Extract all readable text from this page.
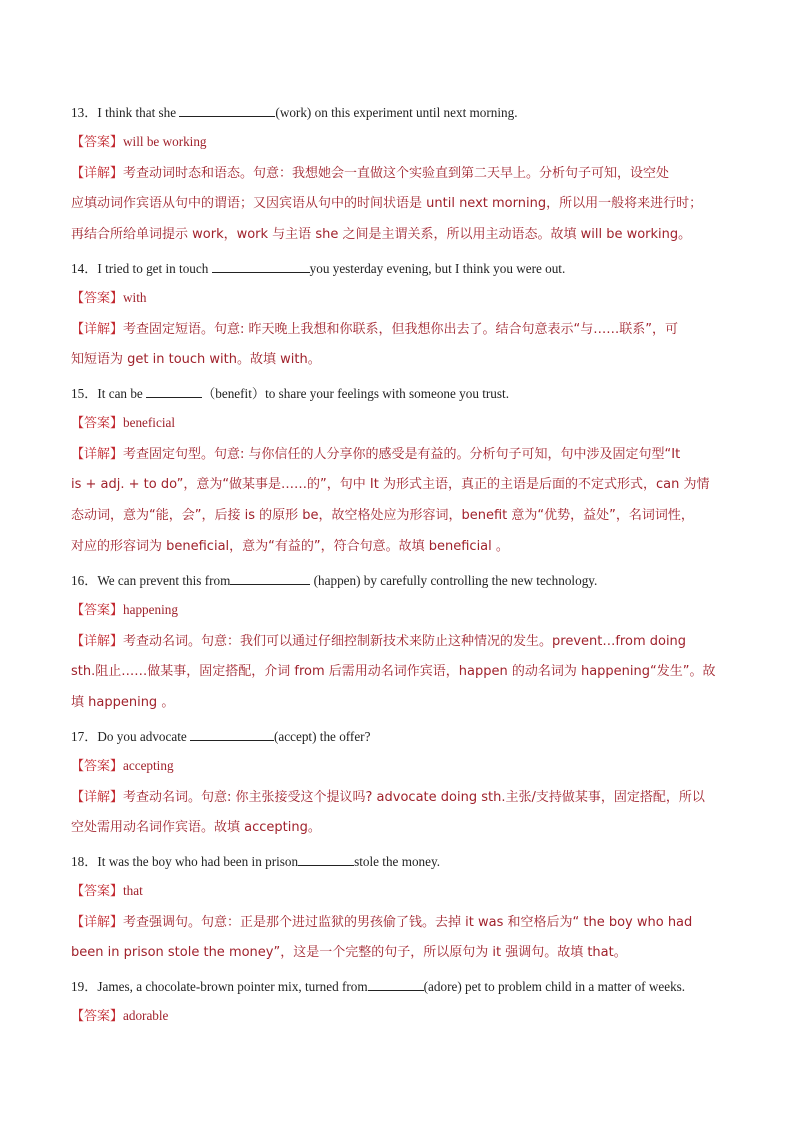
13．I think that she	(work) on this experiment until next morning.
【答案】will be working
【详解】考查动词时态和语态。句意：我想她会一直做这个实验直到第二天早上。分析句子可知，设空处
应填动词作宾语从句中的谓语；又因宾语从句中的时间状语是 until next morning，所以用一般将来进行时；
再结合所给单词提示 work，work 与主语 she 之间是主谓关系，所以用主动语态。故填 will be working。
14．I tried to get in touch	you yesterday evening, but I think you were out.
【答案】with
【详解】考查固定短语。句意: 昨天晚上我想和你联系，但我想你出去了。结合句意表示“与……联系”，可
知短语为 get in touch with。故填 with。
15．It can be	（benefit）to share your feelings with someone you trust.
【答案】beneficial
【详解】考查固定句型。句意: 与你信任的人分享你的感受是有益的。分析句子可知，句中涉及固定句型“It
is + adj. + to do”，意为“做某事是……的”，句中 It 为形式主语，真正的主语是后面的不定式形式，can 为情
态动词，意为“能，会”，后接 is 的原形 be，故空格处应为形容词，benefit 意为“优势，益处”，名词词性，
对应的形容词为 beneficial，意为“有益的”，符合句意。故填 beneficial 。
16．We can prevent this from	(happen) by carefully controlling the new technology.
【答案】happening
【详解】考查动名词。句意：我们可以通过仔细控制新技术来防止这种情况的发生。prevent…from doing
sth.阻止……做某事，固定搭配，介词 from 后需用动名词作宾语，happen 的动名词为 happening“发生”。故
填 happening 。
17．Do you advocate	(accept) the offer?
【答案】accepting
【详解】考查动名词。句意: 你主张接受这个提议吗? advocate doing sth.主张/支持做某事，固定搭配，所以
空处需用动名词作宾语。故填 accepting。
18．It was the boy who had been in prison	stole the money.
【答案】that
【详解】考查强调句。句意：正是那个进过监狱的男孩偷了钱。去掉 it was 和空格后为“ the boy who had
been in prison stole the money”，这是一个完整的句子，所以原句为 it 强调句。故填 that。
19．James, a chocolate-brown pointer mix, turned from	(adore) pet to problem child in a matter of weeks.
【答案】adorable
